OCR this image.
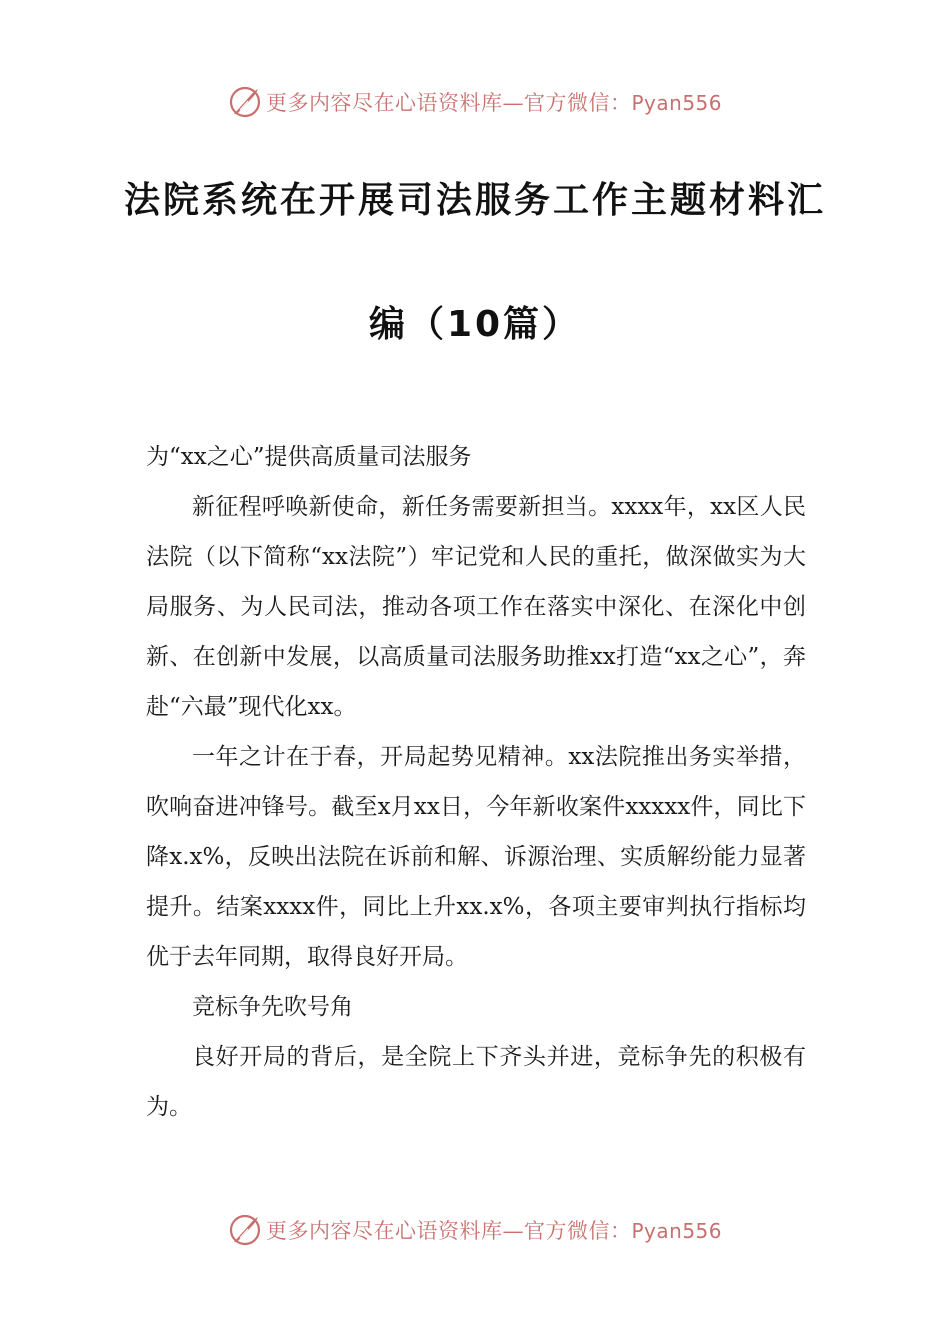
更多内容尽在心语资料库—官方微信：Pyan556
法院系统在开展司法服务工作主题材料汇
编（10篇）

为“xx之心”提供高质量司法服务

新征程呼唤新使命，新任务需要新担当。xxxx年，xx区人民法院（以下简称“xx法院”）牢记党和人民的重托，做深做实为大局服务、为人民司法，推动各项工作在落实中深化、在深化中创新、在创新中发展，以高质量司法服务助推xx打造“xx之心”，奔赴“六最”现代化xx。

一年之计在于春，开局起势见精神。xx法院推出务实举措，吹响奋进冲锋号。截至x月xx日，今年新收案件xxxxx件，同比下降x.x%，反映出法院在诉前和解、诉源治理、实质解纷能力显著提升。结案xxxx件，同比上升xx.x%，各项主要审判执行指标均优于去年同期，取得良好开局。

竞标争先吹号角

良好开局的背后，是全院上下齐头并进，竞标争先的积极有为。

更多内容尽在心语资料库—官方微信：Pyan556
